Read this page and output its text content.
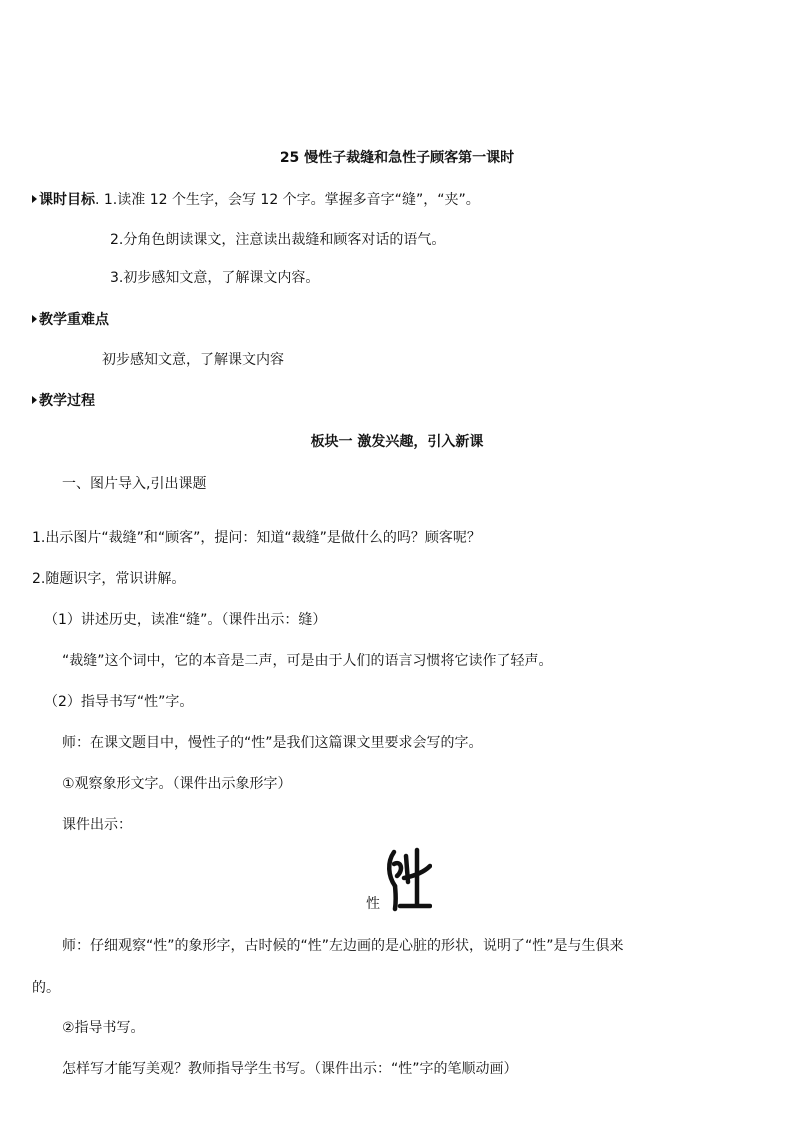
25 慢性子裁缝和急性子顾客第一课时
课时目标. 1.读准 12 个生字，会写 12 个字。掌握多音字“缝”，“夹”。
2.分角色朗读课文，注意读出裁缝和顾客对话的语气。
3.初步感知文意，了解课文内容。
教学重难点
初步感知文意，了解课文内容
教学过程
板块一 激发兴趣，引入新课
一、图片导入,引出课题
1.出示图片“裁缝”和“顾客”，提问：知道“裁缝”是做什么的吗？顾客呢？
2.随题识字，常识讲解。
（1）讲述历史，读准“缝”。（课件出示：缝）
“裁缝”这个词中，它的本音是二声，可是由于人们的语言习惯将它读作了轻声。
（2）指导书写“性”字。
师：在课文题目中，慢性子的“性”是我们这篇课文里要求会写的字。
①观察象形文字。（课件出示象形字）
课件出示：
性
师：仔细观察“性”的象形字，古时候的“性”左边画的是心脏的形状，说明了“性”是与生俱来
的。
②指导书写。
怎样写才能写美观？教师指导学生书写。（课件出示：“性”字的笔顺动画）
